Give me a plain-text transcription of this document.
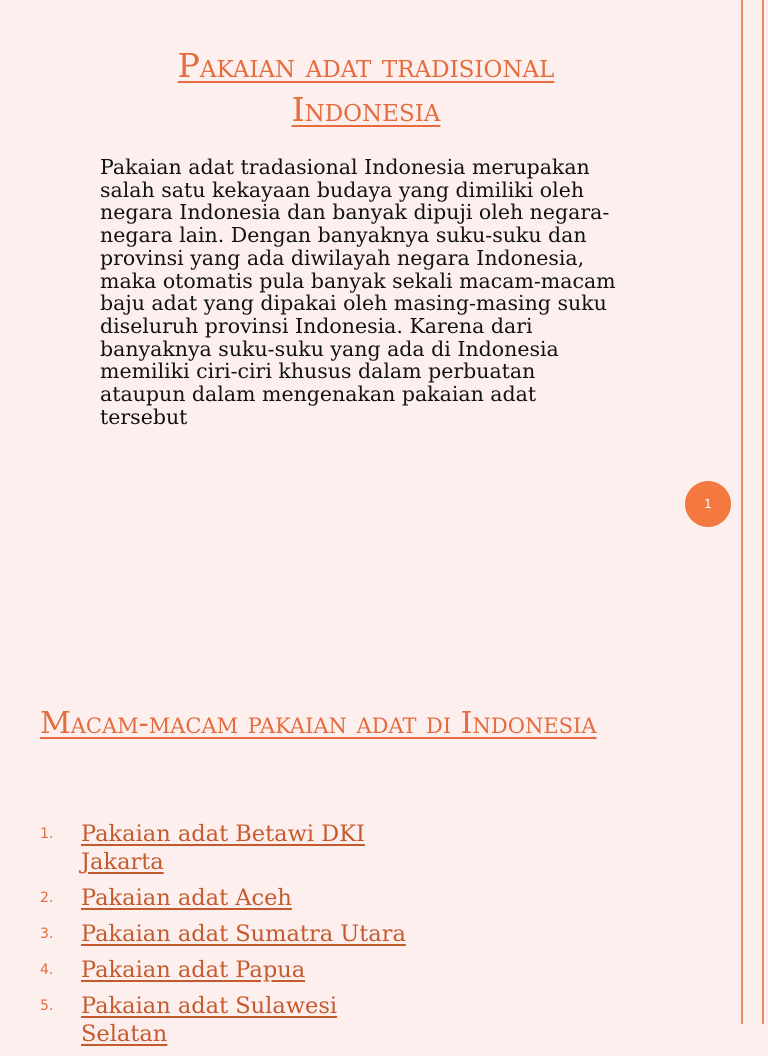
Pakaian adat tradisional Indonesia

Pakaian adat tradasional Indonesia merupakan salah satu kekayaan budaya yang dimiliki oleh negara Indonesia dan banyak dipuji oleh negara-negara lain. Dengan banyaknya suku-suku dan provinsi yang ada diwilayah negara Indonesia, maka otomatis pula banyak sekali macam-macam baju adat yang dipakai oleh masing-masing suku diseluruh provinsi Indonesia. Karena dari banyaknya suku-suku yang ada di Indonesia memiliki ciri-ciri khusus dalam perbuatan ataupun dalam mengenakan pakaian adat tersebut

1
Macam-macam pakaian adat di Indonesia
1.	Pakaian adat Betawi DKI Jakarta
2.	Pakaian adat Aceh
3.	Pakaian adat Sumatra Utara
4.	Pakaian adat Papua
5.	Pakaian adat Sulawesi Selatan
